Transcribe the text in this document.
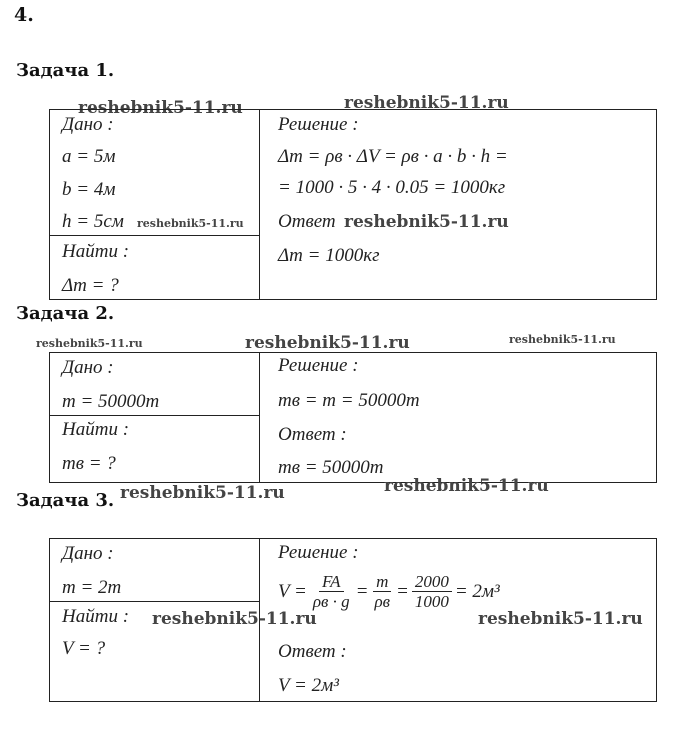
4.
Задача 1.
reshebnik5-11.ru	reshebnik5-11.ru
Дано :
a = 5м
b = 4м
h = 5см reshebnik5-11.ru
Найти :
Δm = ?
Решение :
Δm = ρв · ΔV = ρв · a · b · h =
= 1000 · 5 · 4 · 0.05 = 1000кг
Ответ reshebnik5-11.ru
Δm = 1000кг
Задача 2.
reshebnik5-11.ru	reshebnik5-11.ru	reshebnik5-11.ru
Дано :
m = 50000т
Найти :
mв = ?
Решение :
mв = m = 50000т
Ответ :
mв = 50000т
Задача 3. reshebnik5-11.ru	reshebnik5-11.ru
Дано :
m = 2т
Найти :
V = ?
reshebnik5-11.ru
Решение :
$V = \frac{FA}{\rho в \cdot g} = \frac{m}{\rho в} = \frac{2000}{1000} = 2м^3$
reshebnik5-11.ru
Ответ :
V = 2м³
